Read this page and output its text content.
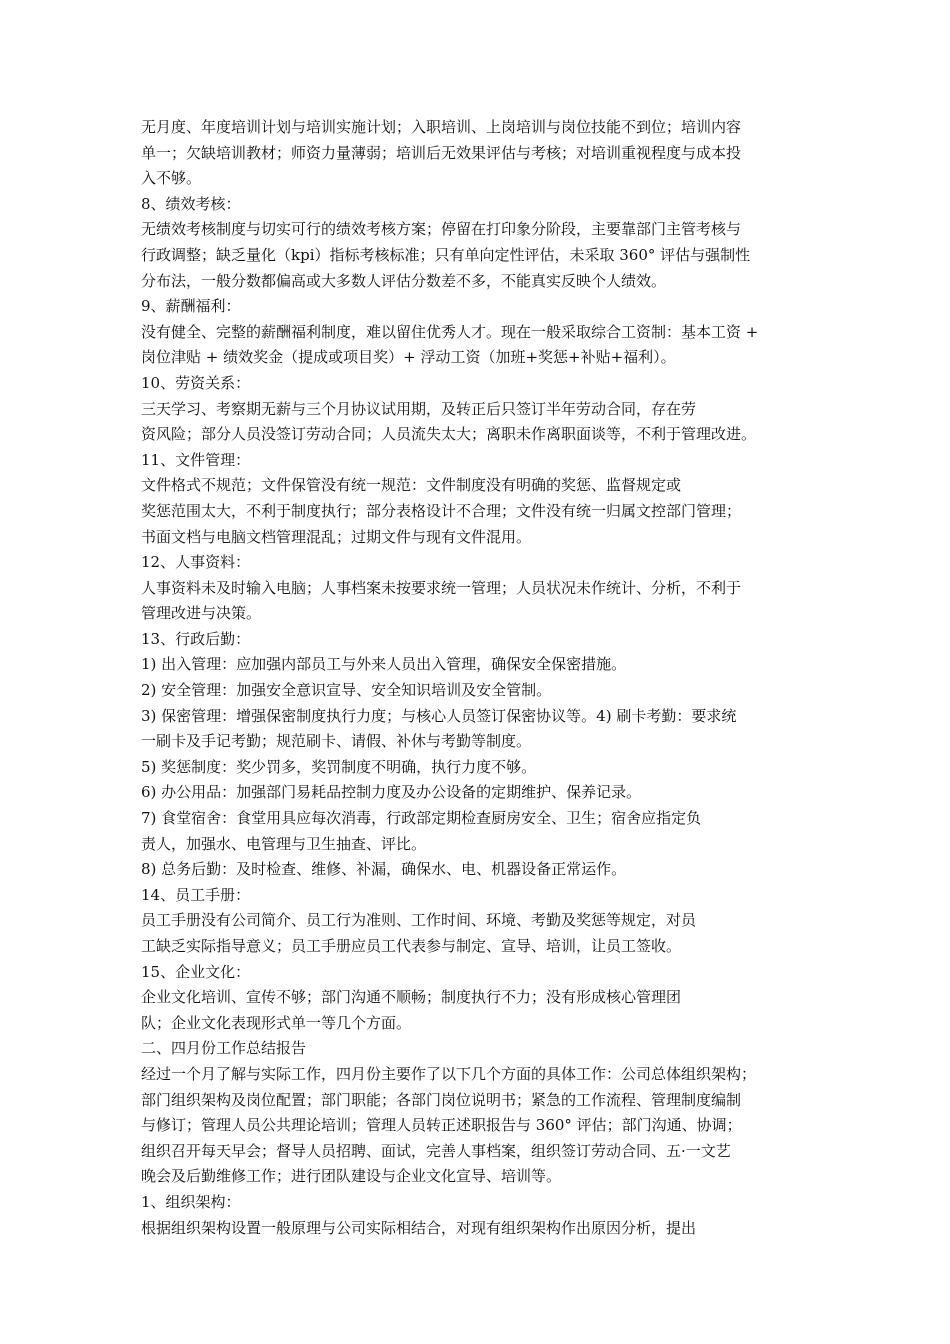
无月度、年度培训计划与培训实施计划；入职培训、上岗培训与岗位技能不到位；培训内容
单一；欠缺培训教材；师资力量薄弱；培训后无效果评估与考核；对培训重视程度与成本投
入不够。
8、绩效考核：
无绩效考核制度与切实可行的绩效考核方案；停留在打印象分阶段，主要靠部门主管考核与
行政调整；缺乏量化（kpi）指标考核标准；只有单向定性评估，未采取 360° 评估与强制性
分布法，一般分数都偏高或大多数人评估分数差不多，不能真实反映个人绩效。
9、薪酬福利：
没有健全、完整的薪酬福利制度，难以留住优秀人才。现在一般采取综合工资制：基本工资 +
岗位津贴 + 绩效奖金（提成或项目奖）+ 浮动工资（加班+奖惩+补贴+福利）。
10、劳资关系：
三天学习、考察期无薪与三个月协议试用期，及转正后只签订半年劳动合同，存在劳
资风险；部分人员没签订劳动合同；人员流失太大；离职未作离职面谈等，不利于管理改进。
11、文件管理：
文件格式不规范；文件保管没有统一规范：文件制度没有明确的奖惩、监督规定或
奖惩范围太大，不利于制度执行；部分表格设计不合理；文件没有统一归属文控部门管理；
书面文档与电脑文档管理混乱；过期文件与现有文件混用。
12、人事资料：
人事资料未及时输入电脑；人事档案未按要求统一管理；人员状况未作统计、分析，不利于
管理改进与决策。
13、行政后勤：
1) 出入管理：应加强内部员工与外来人员出入管理，确保安全保密措施。
2) 安全管理：加强安全意识宣导、安全知识培训及安全管制。
3) 保密管理：增强保密制度执行力度；与核心人员签订保密协议等。4) 刷卡考勤：要求统
一刷卡及手记考勤；规范刷卡、请假、补休与考勤等制度。
5) 奖惩制度：奖少罚多，奖罚制度不明确，执行力度不够。
6) 办公用品：加强部门易耗品控制力度及办公设备的定期维护、保养记录。
7) 食堂宿舍：食堂用具应每次消毒，行政部定期检查厨房安全、卫生；宿舍应指定负
责人，加强水、电管理与卫生抽查、评比。
8) 总务后勤：及时检查、维修、补漏，确保水、电、机器设备正常运作。
14、员工手册：
员工手册没有公司简介、员工行为准则、工作时间、环境、考勤及奖惩等规定，对员
工缺乏实际指导意义；员工手册应员工代表参与制定、宣导、培训，让员工签收。
15、企业文化：
企业文化培训、宣传不够；部门沟通不顺畅；制度执行不力；没有形成核心管理团
队；企业文化表现形式单一等几个方面。
二、四月份工作总结报告
经过一个月了解与实际工作，四月份主要作了以下几个方面的具体工作：公司总体组织架构；
部门组织架构及岗位配置；部门职能；各部门岗位说明书；紧急的工作流程、管理制度编制
与修订；管理人员公共理论培训；管理人员转正述职报告与 360° 评估；部门沟通、协调；
组织召开每天早会；督导人员招聘、面试，完善人事档案，组织签订劳动合同、五·一文艺
晚会及后勤维修工作；进行团队建设与企业文化宣导、培训等。
1、组织架构：
根据组织架构设置一般原理与公司实际相结合，对现有组织架构作出原因分析，提出
